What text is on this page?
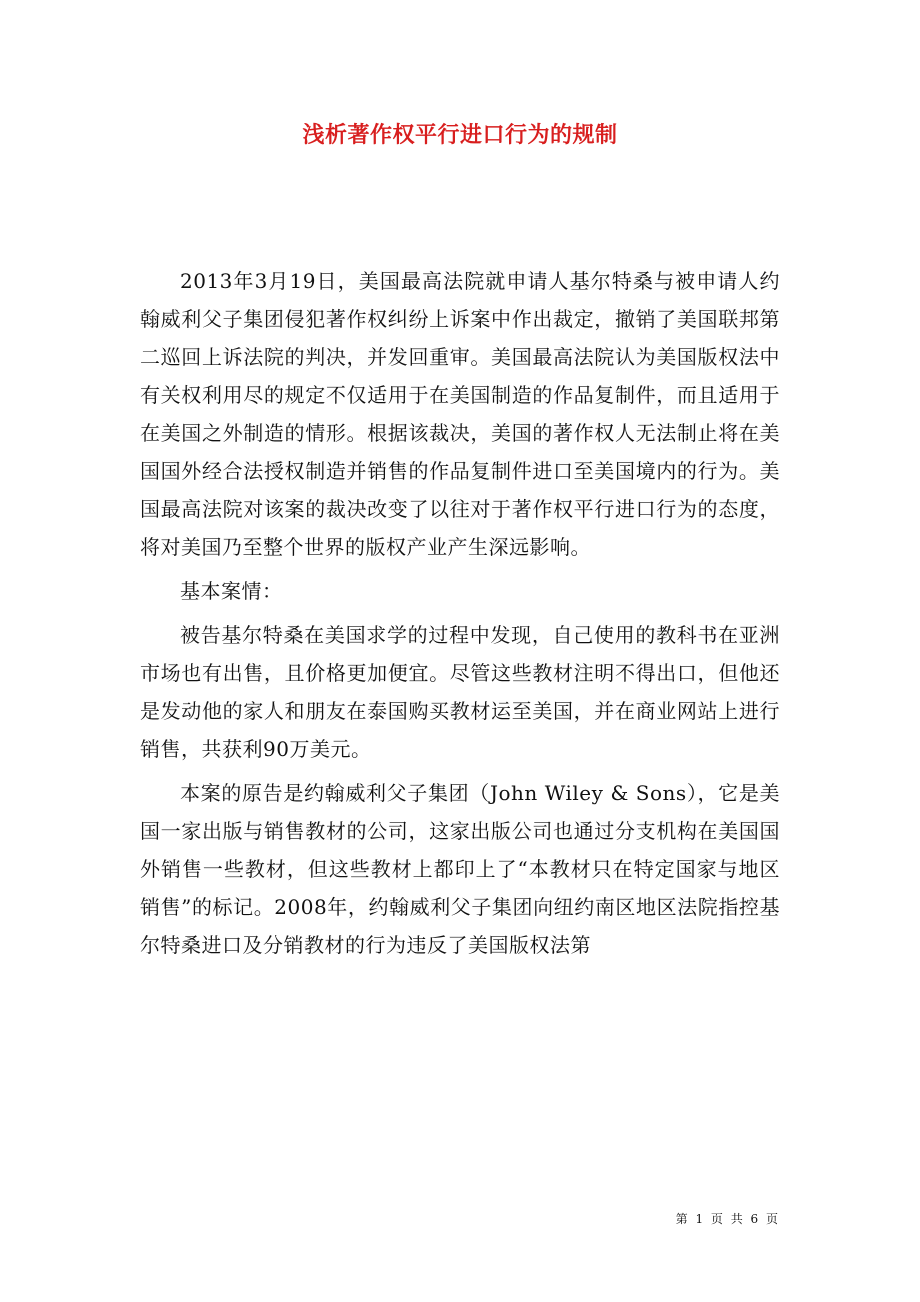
浅析著作权平行进口行为的规制

2013年3月19日，美国最高法院就申请人基尔特桑与被申请人约翰威利父子集团侵犯著作权纠纷上诉案中作出裁定，撤销了美国联邦第二巡回上诉法院的判决，并发回重审。美国最高法院认为美国版权法中有关权利用尽的规定不仅适用于在美国制造的作品复制件，而且适用于在美国之外制造的情形。根据该裁决，美国的著作权人无法制止将在美国国外经合法授权制造并销售的作品复制件进口至美国境内的行为。美国最高法院对该案的裁决改变了以往对于著作权平行进口行为的态度，将对美国乃至整个世界的版权产业产生深远影响。

基本案情：

被告基尔特桑在美国求学的过程中发现，自己使用的教科书在亚洲市场也有出售，且价格更加便宜。尽管这些教材注明不得出口，但他还是发动他的家人和朋友在泰国购买教材运至美国，并在商业网站上进行销售，共获利90万美元。

本案的原告是约翰威利父子集团（John Wiley & Sons），它是美国一家出版与销售教材的公司，这家出版公司也通过分支机构在美国国外销售一些教材，但这些教材上都印上了“本教材只在特定国家与地区销售”的标记。2008年，约翰威利父子集团向纽约南区地区法院指控基尔特桑进口及分销教材的行为违反了美国版权法第

第 1 页 共 6 页
